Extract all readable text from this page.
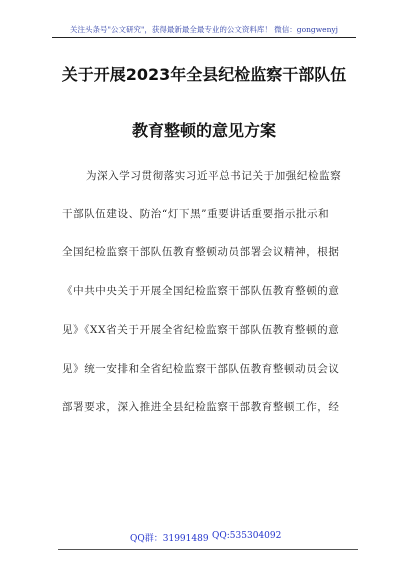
关注头条号"公文研究"，获得最新最全最专业的公文资料库！ 微信：gongwenyj
关于开展2023年全县纪检监察干部队伍
教育整顿的意见方案
为深入学习贯彻落实习近平总书记关于加强纪检监察
干部队伍建设、防治“灯下黑”重要讲话重要指示批示和
全国纪检监察干部队伍教育整顿动员部署会议精神，根据
《中共中央关于开展全国纪检监察干部队伍教育整顿的意
见》《XX省关于开展全省纪检监察干部队伍教育整顿的意
见》统一安排和全省纪检监察干部队伍教育整顿动员会议
部署要求，深入推进全县纪检监察干部教育整顿工作，经
QQ群：31991489 QQ:535304092
